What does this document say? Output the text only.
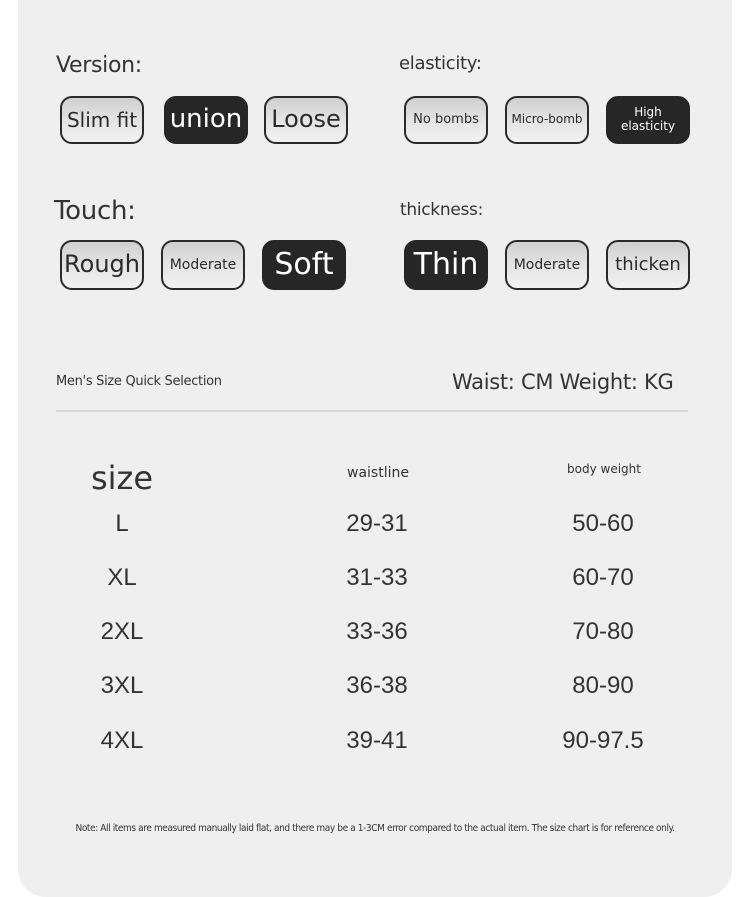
Version:
Slim fit union Loose
elasticity:
No bombs	Micro-bomb	High elasticity
Touch:
Rough Moderate Soft
thickness:
Thin	Moderate thicken
Men's Size Quick Selection	Waist: CM Weight: KG
size	waistline	body weight
L	29-31	50-60
XL	31-33	60-70
2XL	33-36	70-80
3XL	36-38	80-90
4XL	39-41	90-97.5
Note: All items are measured manually laid flat, and there may be a 1-3CM error compared to the actual item. The size chart is for reference only.
